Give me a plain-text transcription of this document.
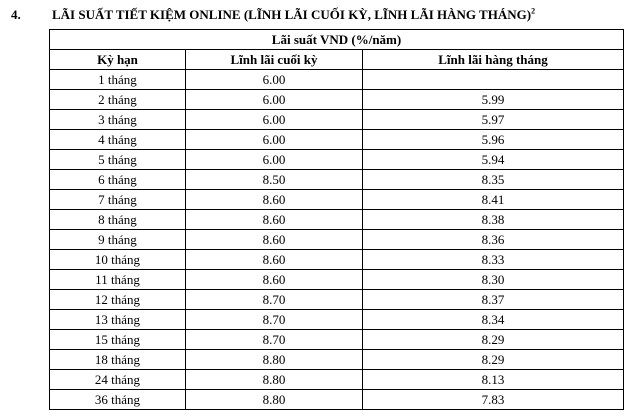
4. LÃI SUẤT TIẾT KIỆM ONLINE (LĨNH LÃI CUỐI KỲ, LĨNH LÃI HÀNG THÁNG)$^2$
Lãi suất VND (%/năm)		
Kỳ hạn	Lĩnh lãi cuối kỳ	Lĩnh lãi hàng tháng
1 tháng	6.00	
2 tháng	6.00	5.99
3 tháng	6.00	5.97
4 tháng	6.00	5.96
5 tháng	6.00	5.94
6 tháng	8.50	8.35
7 tháng	8.60	8.41
8 tháng	8.60	8.38
9 tháng	8.60	8.36
10 tháng	8.60	8.33
11 tháng	8.60	8.30
12 tháng	8.70	8.37
13 tháng	8.70	8.34
15 tháng	8.70	8.29
18 tháng	8.80	8.29
24 tháng	8.80	8.13
36 tháng	8.80	7.83
